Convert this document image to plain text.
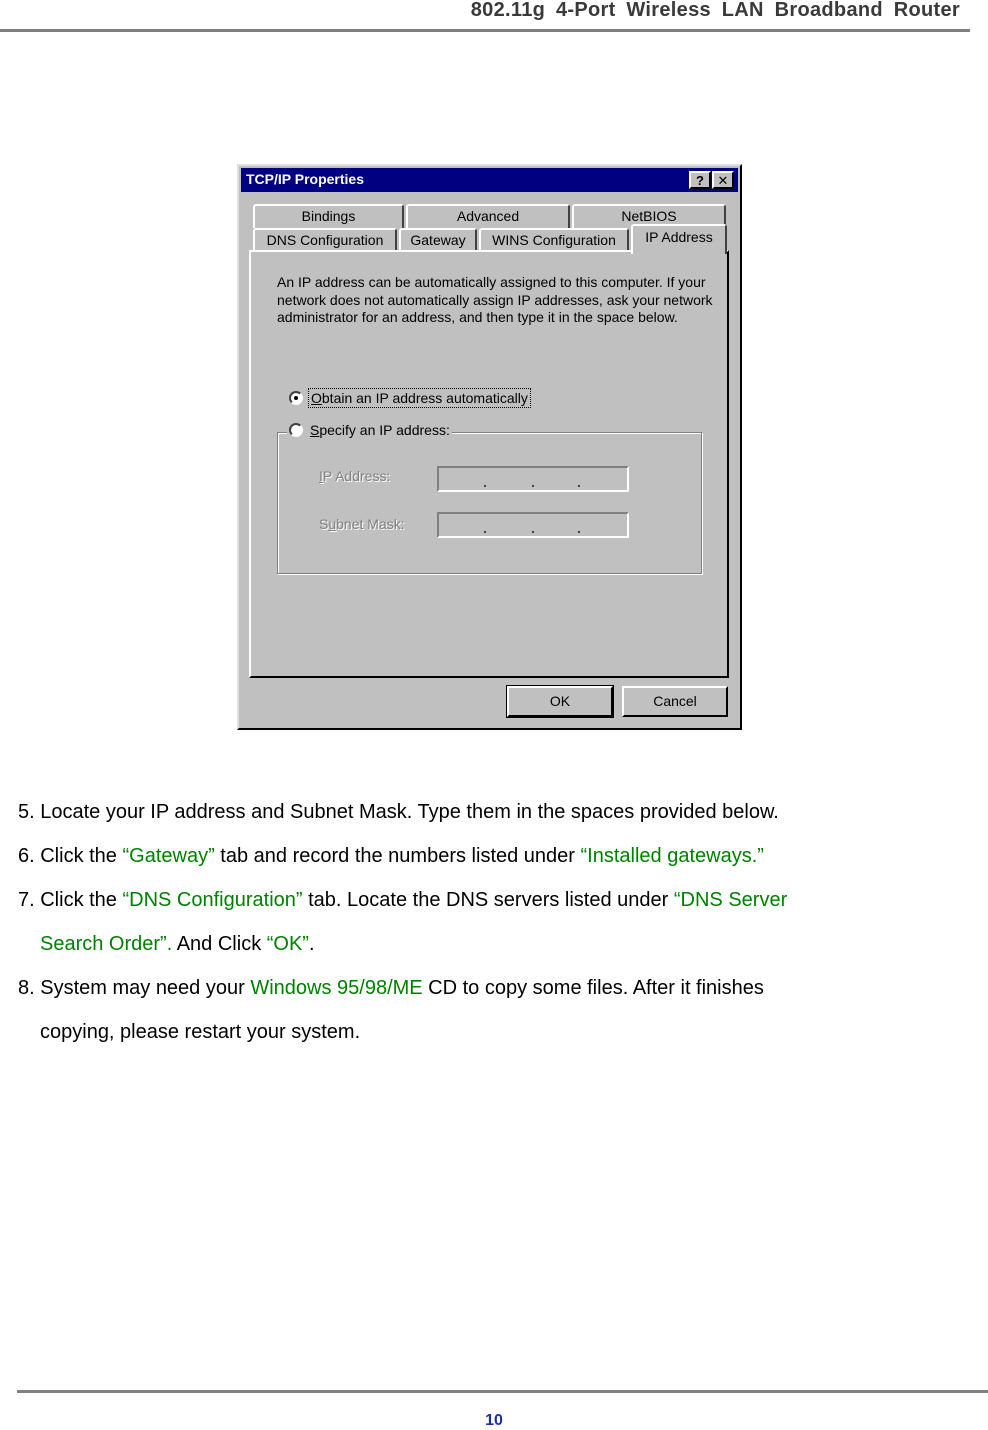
802.11g 4-Port Wireless LAN Broadband Router
TCP/IP Properties	?	✕
Bindings	Advanced	NetBIOS
DNS Configuration	Gateway	WINS Configuration	IP Address

An IP address can be automatically assigned to this computer. If your network does not automatically assign IP addresses, ask your network administrator for an address, and then type it in the space below.

Obtain an IP address automatically
Specify an IP address:
IP Address:	.	.	.
Subnet Mask:	.	.	.
OK	Cancel
5. Locate your IP address and Subnet Mask. Type them in the spaces provided below.
6. Click the “Gateway” tab and record the numbers listed under “Installed gateways.”
7. Click the “DNS Configuration” tab. Locate the DNS servers listed under “DNS Server
Search Order”. And Click “OK”.
8. System may need your Windows 95/98/ME CD to copy some files. After it finishes
copying, please restart your system.
10
